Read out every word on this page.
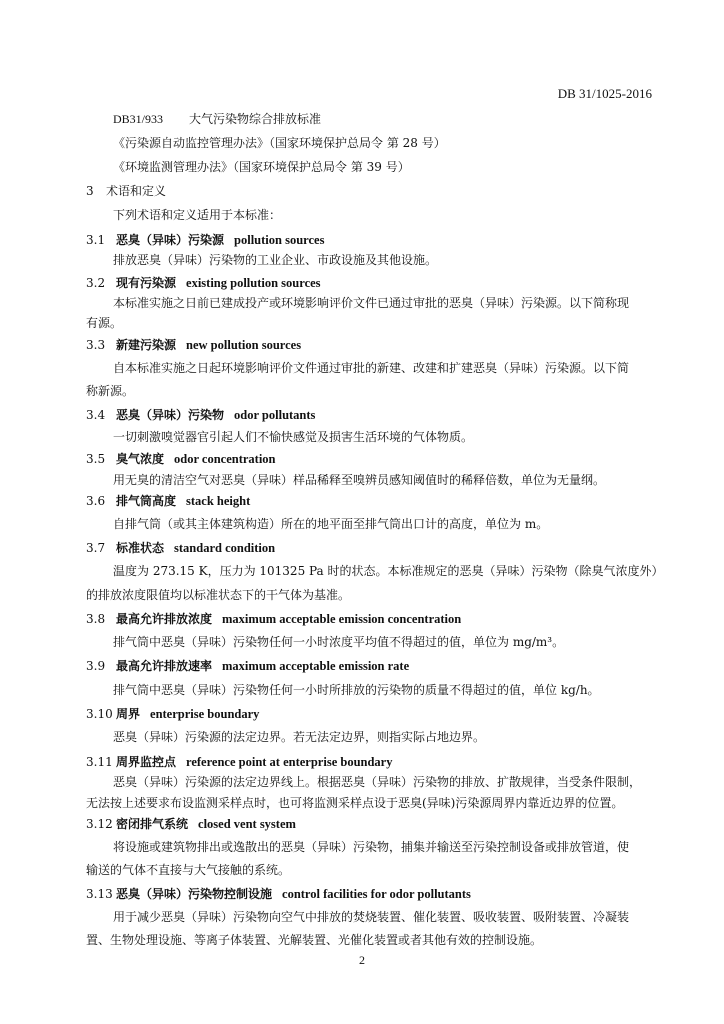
DB 31/1025-2016
DB31/933 大气污染物综合排放标准
《污染源自动监控管理办法》（国家环境保护总局令 第 28 号）
《环境监测管理办法》（国家环境保护总局令 第 39 号）
3 术语和定义
下列术语和定义适用于本标准：
3.1 恶臭（异味）污染源 pollution sources
排放恶臭（异味）污染物的工业企业、市政设施及其他设施。
3.2 现有污染源 existing pollution sources
本标准实施之日前已建成投产或环境影响评价文件已通过审批的恶臭（异味）污染源。以下简称现
有源。
3.3 新建污染源 new pollution sources
自本标准实施之日起环境影响评价文件通过审批的新建、改建和扩建恶臭（异味）污染源。以下简
称新源。
3.4 恶臭（异味）污染物 odor pollutants
一切刺激嗅觉器官引起人们不愉快感觉及损害生活环境的气体物质。
3.5 臭气浓度 odor concentration
用无臭的清洁空气对恶臭（异味）样品稀释至嗅辨员感知阈值时的稀释倍数，单位为无量纲。
3.6 排气筒高度 stack height
自排气筒（或其主体建筑构造）所在的地平面至排气筒出口计的高度，单位为 m。
3.7 标准状态 standard condition
温度为 273.15 K，压力为 101325 Pa 时的状态。本标准规定的恶臭（异味）污染物（除臭气浓度外）
的排放浓度限值均以标准状态下的干气体为基准。
3.8 最高允许排放浓度 maximum acceptable emission concentration
排气筒中恶臭（异味）污染物任何一小时浓度平均值不得超过的值，单位为 mg/m³。
3.9 最高允许排放速率 maximum acceptable emission rate
排气筒中恶臭（异味）污染物任何一小时所排放的污染物的质量不得超过的值，单位 kg/h。
3.10 周界 enterprise boundary
恶臭（异味）污染源的法定边界。若无法定边界，则指实际占地边界。
3.11 周界监控点 reference point at enterprise boundary
恶臭（异味）污染源的法定边界线上。根据恶臭（异味）污染物的排放、扩散规律，当受条件限制，
无法按上述要求布设监测采样点时，也可将监测采样点设于恶臭(异味)污染源周界内靠近边界的位置。
3.12 密闭排气系统 closed vent system
将设施或建筑物排出或逸散出的恶臭（异味）污染物，捕集并输送至污染控制设备或排放管道，使
输送的气体不直接与大气接触的系统。
3.13 恶臭（异味）污染物控制设施 control facilities for odor pollutants
用于减少恶臭（异味）污染物向空气中排放的焚烧装置、催化装置、吸收装置、吸附装置、冷凝装
置、生物处理设施、等离子体装置、光解装置、光催化装置或者其他有效的控制设施。
2
